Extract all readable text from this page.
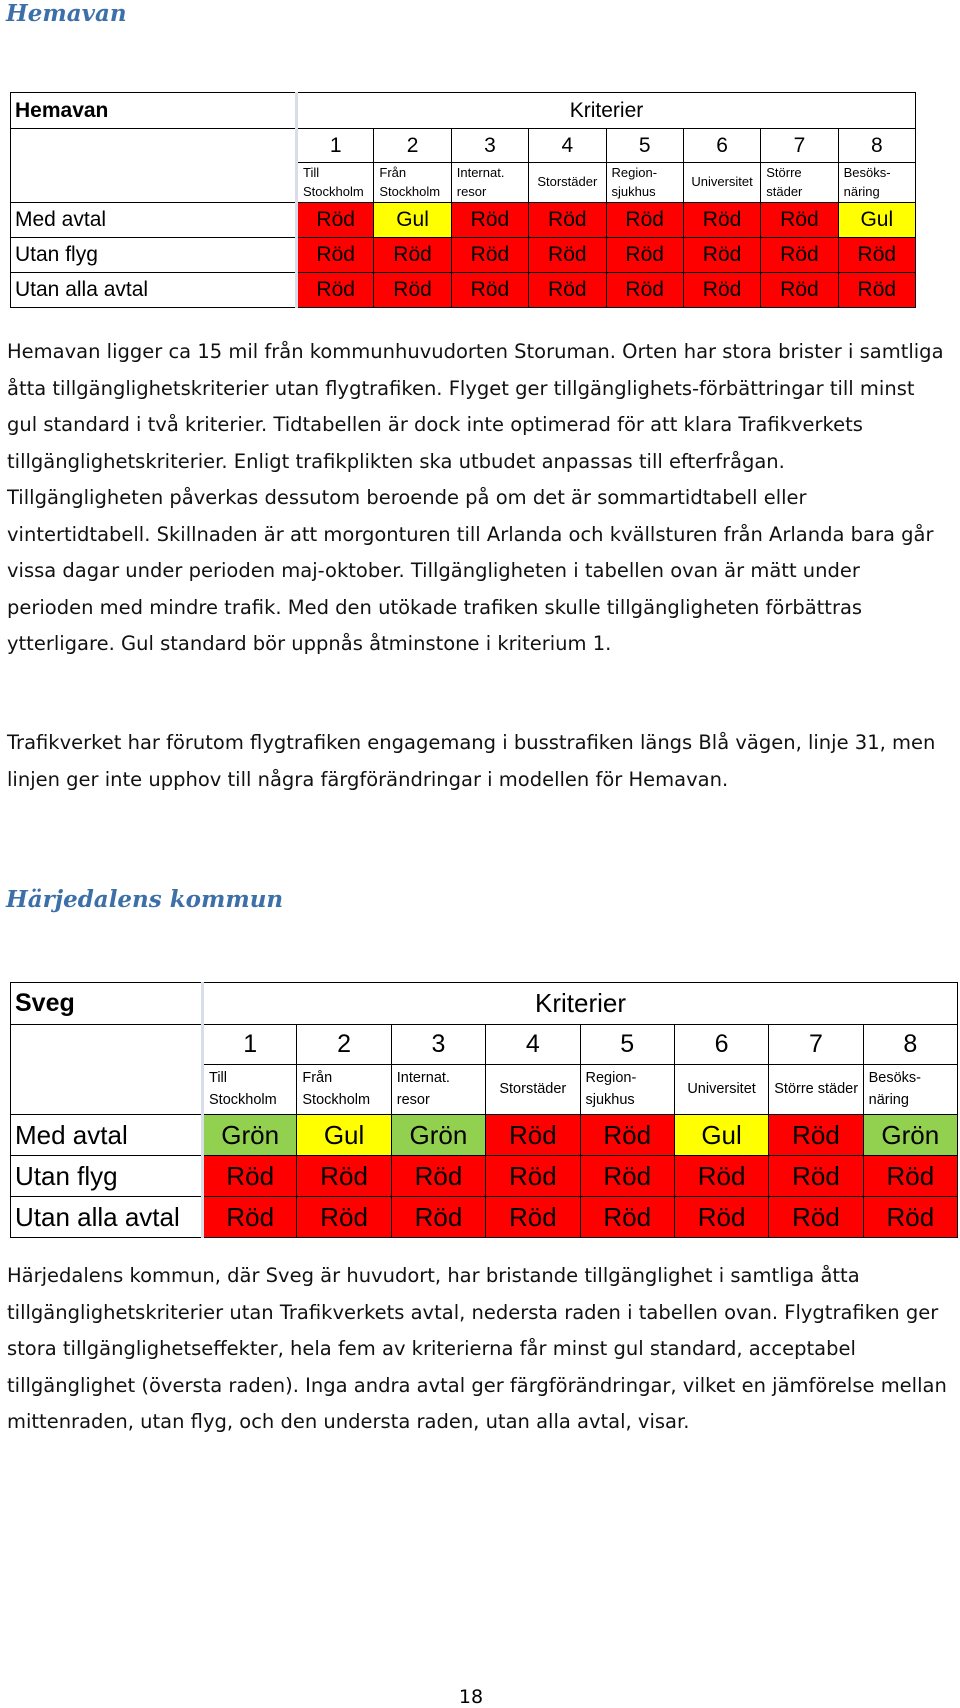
Hemavan
Hemavan	Kriterier							
	1	2	3	4	5	6	7	8
	Till Stockholm	Från Stockholm	Internat. resor	Storstäder	Region- sjukhus	Universitet	Större städer	Besöks- näring
Med avtal	Röd	Gul	Röd	Röd	Röd	Röd	Röd	Gul
Utan flyg	Röd	Röd	Röd	Röd	Röd	Röd	Röd	Röd
Utan alla avtal	Röd	Röd	Röd	Röd	Röd	Röd	Röd	Röd

Hemavan ligger ca 15 mil från kommunhuvudorten Storuman. Orten har stora brister i samtliga åtta tillgänglighetskriterier utan flygtrafiken. Flyget ger tillgänglighets-förbättringar till minst gul standard i två kriterier. Tidtabellen är dock inte optimerad för att klara Trafikverkets tillgänglighetskriterier. Enligt trafikplikten ska utbudet anpassas till efterfrågan. Tillgängligheten påverkas dessutom beroende på om det är sommartidtabell eller vintertidtabell. Skillnaden är att morgonturen till Arlanda och kvällsturen från Arlanda bara går vissa dagar under perioden maj-oktober. Tillgängligheten i tabellen ovan är mätt under perioden med mindre trafik. Med den utökade trafiken skulle tillgängligheten förbättras ytterligare. Gul standard bör uppnås åtminstone i kriterium 1.

Trafikverket har förutom flygtrafiken engagemang i busstrafiken längs Blå vägen, linje 31, men linjen ger inte upphov till några färgförändringar i modellen för Hemavan.

Härjedalens kommun
Sveg	Kriterier							
	1	2	3	4	5	6	7	8
	Till Stockholm	Från Stockholm	Internat. resor	Storstäder	Region- sjukhus	Universitet	Större städer	Besöks- näring
Med avtal	Grön	Gul	Grön	Röd	Röd	Gul	Röd	Grön
Utan flyg	Röd	Röd	Röd	Röd	Röd	Röd	Röd	Röd
Utan alla avtal	Röd	Röd	Röd	Röd	Röd	Röd	Röd	Röd

Härjedalens kommun, där Sveg är huvudort, har bristande tillgänglighet i samtliga åtta tillgänglighetskriterier utan Trafikverkets avtal, nedersta raden i tabellen ovan. Flygtrafiken ger stora tillgänglighetseffekter, hela fem av kriterierna får minst gul standard, acceptabel tillgänglighet (översta raden). Inga andra avtal ger färgförändringar, vilket en jämförelse mellan mittenraden, utan flyg, och den understa raden, utan alla avtal, visar.

18
